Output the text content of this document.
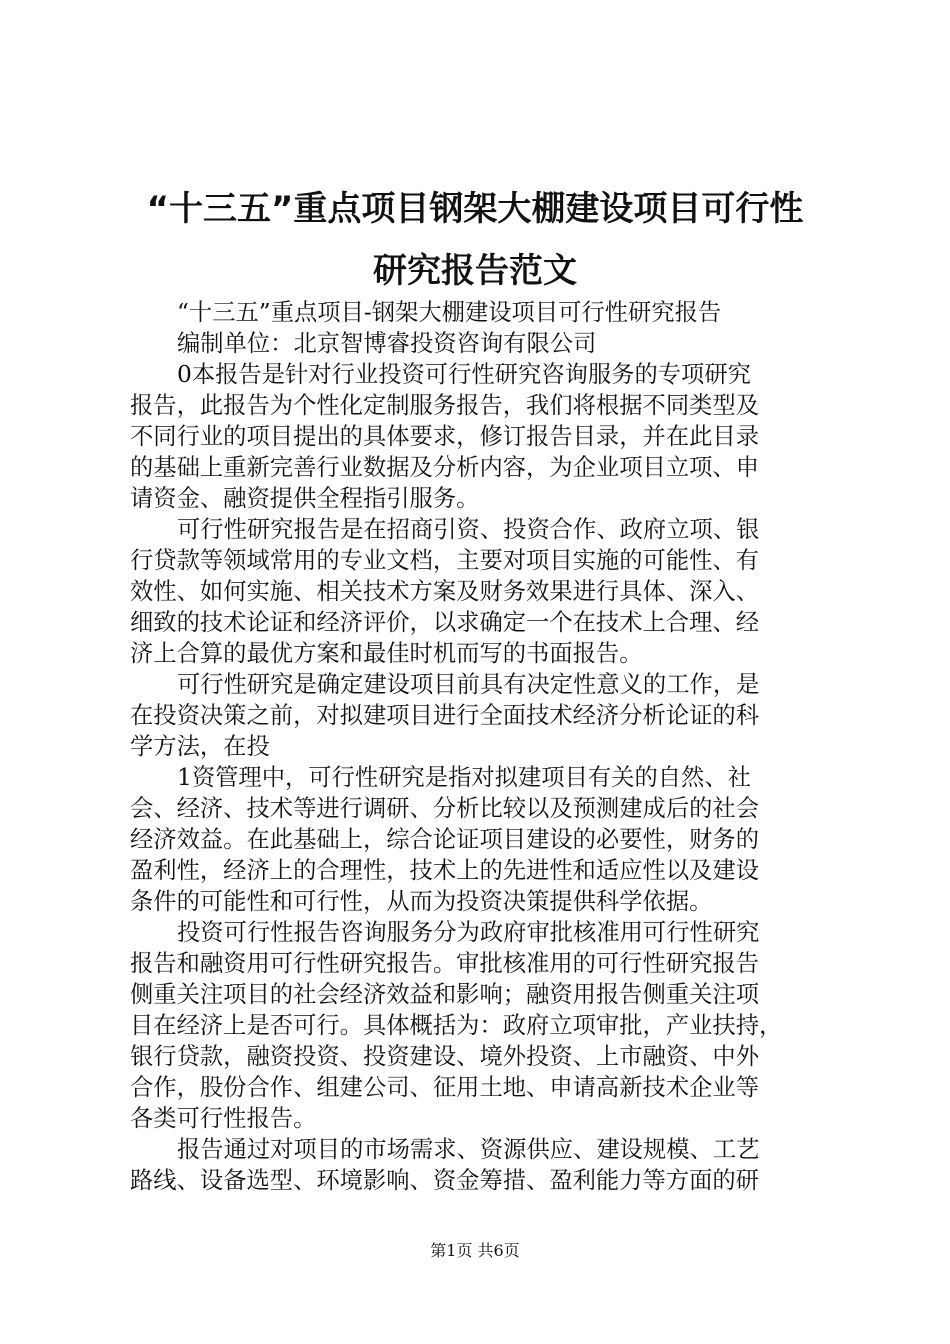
“十三五”重点项目钢架大棚建设项目可行性
研究报告范文
“十三五”重点项目-钢架大棚建设项目可行性研究报告
编制单位：北京智博睿投资咨询有限公司
0本报告是针对行业投资可行性研究咨询服务的专项研究
报告，此报告为个性化定制服务报告，我们将根据不同类型及
不同行业的项目提出的具体要求，修订报告目录，并在此目录
的基础上重新完善行业数据及分析内容，为企业项目立项、申
请资金、融资提供全程指引服务。
可行性研究报告是在招商引资、投资合作、政府立项、银
行贷款等领域常用的专业文档，主要对项目实施的可能性、有
效性、如何实施、相关技术方案及财务效果进行具体、深入、
细致的技术论证和经济评价，以求确定一个在技术上合理、经
济上合算的最优方案和最佳时机而写的书面报告。
可行性研究是确定建设项目前具有决定性意义的工作，是
在投资决策之前，对拟建项目进行全面技术经济分析论证的科
学方法，在投
1资管理中，可行性研究是指对拟建项目有关的自然、社
会、经济、技术等进行调研、分析比较以及预测建成后的社会
经济效益。在此基础上，综合论证项目建设的必要性，财务的
盈利性，经济上的合理性，技术上的先进性和适应性以及建设
条件的可能性和可行性，从而为投资决策提供科学依据。
投资可行性报告咨询服务分为政府审批核准用可行性研究
报告和融资用可行性研究报告。审批核准用的可行性研究报告
侧重关注项目的社会经济效益和影响；融资用报告侧重关注项
目在经济上是否可行。具体概括为：政府立项审批，产业扶持，
银行贷款，融资投资、投资建设、境外投资、上市融资、中外
合作，股份合作、组建公司、征用土地、申请高新技术企业等
各类可行性报告。
报告通过对项目的市场需求、资源供应、建设规模、工艺
路线、设备选型、环境影响、资金筹措、盈利能力等方面的研
第1页 共6页
